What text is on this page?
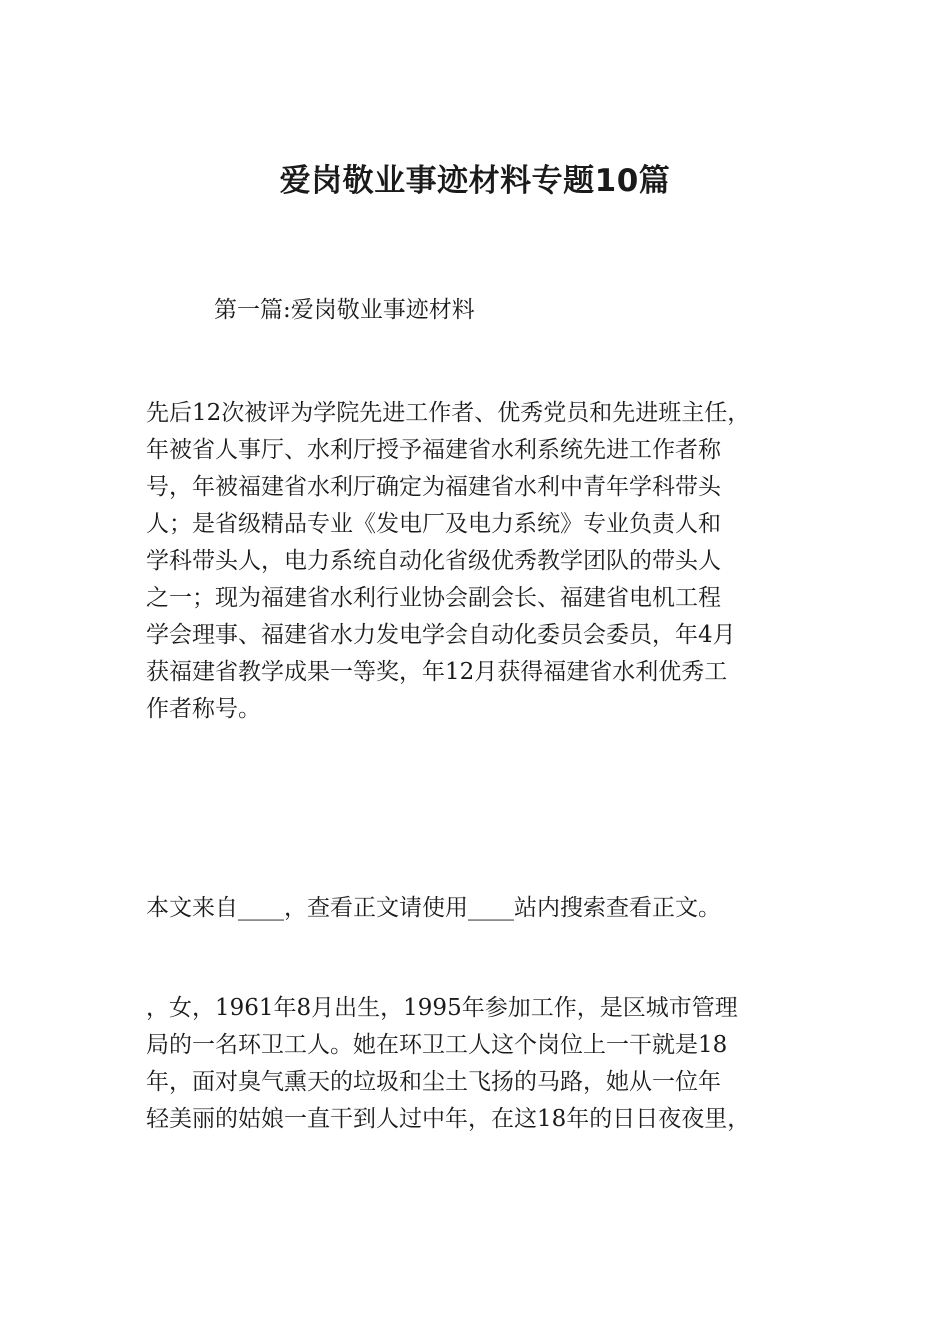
爱岗敬业事迹材料专题10篇

第一篇:爱岗敬业事迹材料

先后12次被评为学院先进工作者、优秀党员和先进班主任，
年被省人事厅、水利厅授予福建省水利系统先进工作者称
号，年被福建省水利厅确定为福建省水利中青年学科带头
人；是省级精品专业《发电厂及电力系统》专业负责人和
学科带头人，电力系统自动化省级优秀教学团队的带头人
之一；现为福建省水利行业协会副会长、福建省电机工程
学会理事、福建省水力发电学会自动化委员会委员，年4月
获福建省教学成果一等奖，年12月获得福建省水利优秀工
作者称号。
本文来自____，查看正文请使用____站内搜索查看正文。
，女，1961年8月出生，1995年参加工作，是区城市管理
局的一名环卫工人。她在环卫工人这个岗位上一干就是18
年，面对臭气熏天的垃圾和尘土飞扬的马路，她从一位年
轻美丽的姑娘一直干到人过中年，在这18年的日日夜夜里，
